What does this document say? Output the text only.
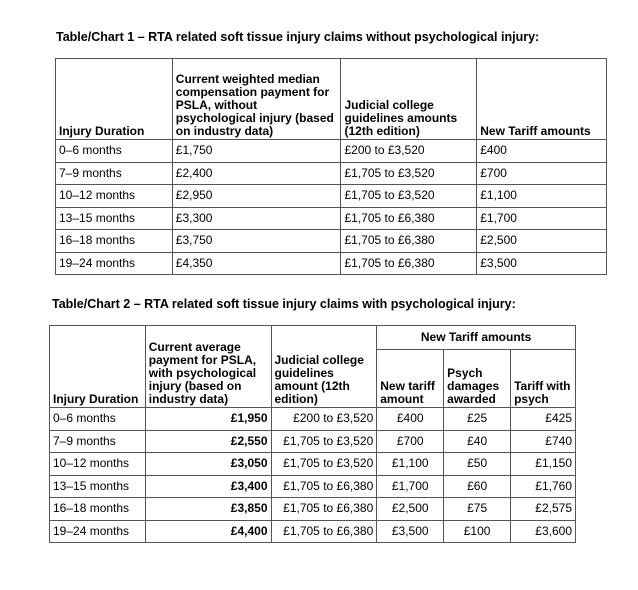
Table/Chart 1 – RTA related soft tissue injury claims without psychological injury:
Injury Duration	Current weighted median compensation payment for PSLA, without psychological injury (based on industry data)	Judicial college guidelines amounts (12th edition)	New Tariff amounts
0–6 months	£1,750	£200 to £3,520	£400
7–9 months	£2,400	£1,705 to £3,520	£700
10–12 months	£2,950	£1,705 to £3,520	£1,100
13–15 months	£3,300	£1,705 to £6,380	£1,700
16–18 months	£3,750	£1,705 to £6,380	£2,500
19–24 months	£4,350	£1,705 to £6,380	£3,500
Table/Chart 2 – RTA related soft tissue injury claims with psychological injury:
Injury Duration	Current average payment for PSLA, with psychological injury (based on industry data)	Judicial college guidelines amount (12th edition)	New Tariff amounts		
			New tariff amount	Psych damages awarded	Tariff with psych
0–6 months	£1,950	£200 to £3,520	£400	£25	£425
7–9 months	£2,550	£1,705 to £3,520	£700	£40	£740
10–12 months	£3,050	£1,705 to £3,520	£1,100	£50	£1,150
13–15 months	£3,400	£1,705 to £6,380	£1,700	£60	£1,760
16–18 months	£3,850	£1,705 to £6,380	£2,500	£75	£2,575
19–24 months	£4,400	£1,705 to £6,380	£3,500	£100	£3,600
